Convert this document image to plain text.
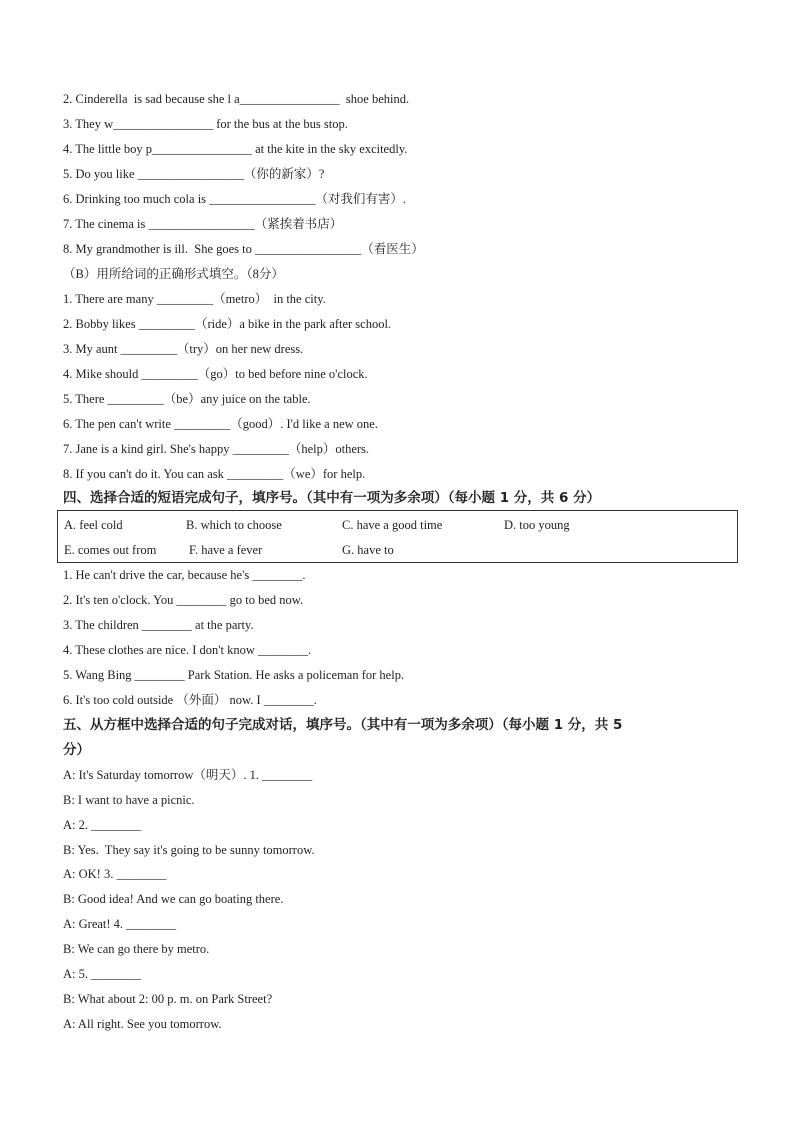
2. Cinderella  is sad because she l a________________  shoe behind.
3. They w________________ for the bus at the bus stop.
4. The little boy p________________ at the kite in the sky excitedly.
5. Do you like _________________（你的新家）?
6. Drinking too much cola is _________________（对我们有害）.
7. The cinema is _________________（紧挨着书店）
8. My grandmother is ill.  She goes to _________________（看医生）
（B）用所给词的正确形式填空。（8分）
1. There are many _________（metro）  in the city.
2. Bobby likes _________（ride）a bike in the park after school.
3. My aunt _________（try）on her new dress.
4. Mike should _________（go）to bed before nine o'clock.
5. There _________（be）any juice on the table.
6. The pen can't write _________（good）. I'd like a new one.
7. Jane is a kind girl. She's happy _________（help）others.
8. If you can't do it. You can ask _________（we）for help.
四、选择合适的短语完成句子，填序号。（其中有一项为多余项）（每小题 1 分，共 6 分）
A. feel cold	B. which to choose	C. have a good time	D. too young
E. comes out from	F. have a fever	G. have to
1. He can't drive the car, because he's ________.
2. It's ten o'clock. You ________ go to bed now.
3. The children ________ at the party.
4. These clothes are nice. I don't know ________.
5. Wang Bing ________ Park Station. He asks a policeman for help.
6. It's too cold outside （外面） now. I ________.
五、从方框中选择合适的句子完成对话，填序号。（其中有一项为多余项）（每小题 1 分，共 5
分）
A: It's Saturday tomorrow（明天）. 1. ________
B: I want to have a picnic.
A: 2. ________
B: Yes.  They say it's going to be sunny tomorrow.
A: OK! 3. ________
B: Good idea! And we can go boating there.
A: Great! 4. ________
B: We can go there by metro.
A: 5. ________
B: What about 2: 00 p. m. on Park Street?
A: All right. See you tomorrow.
